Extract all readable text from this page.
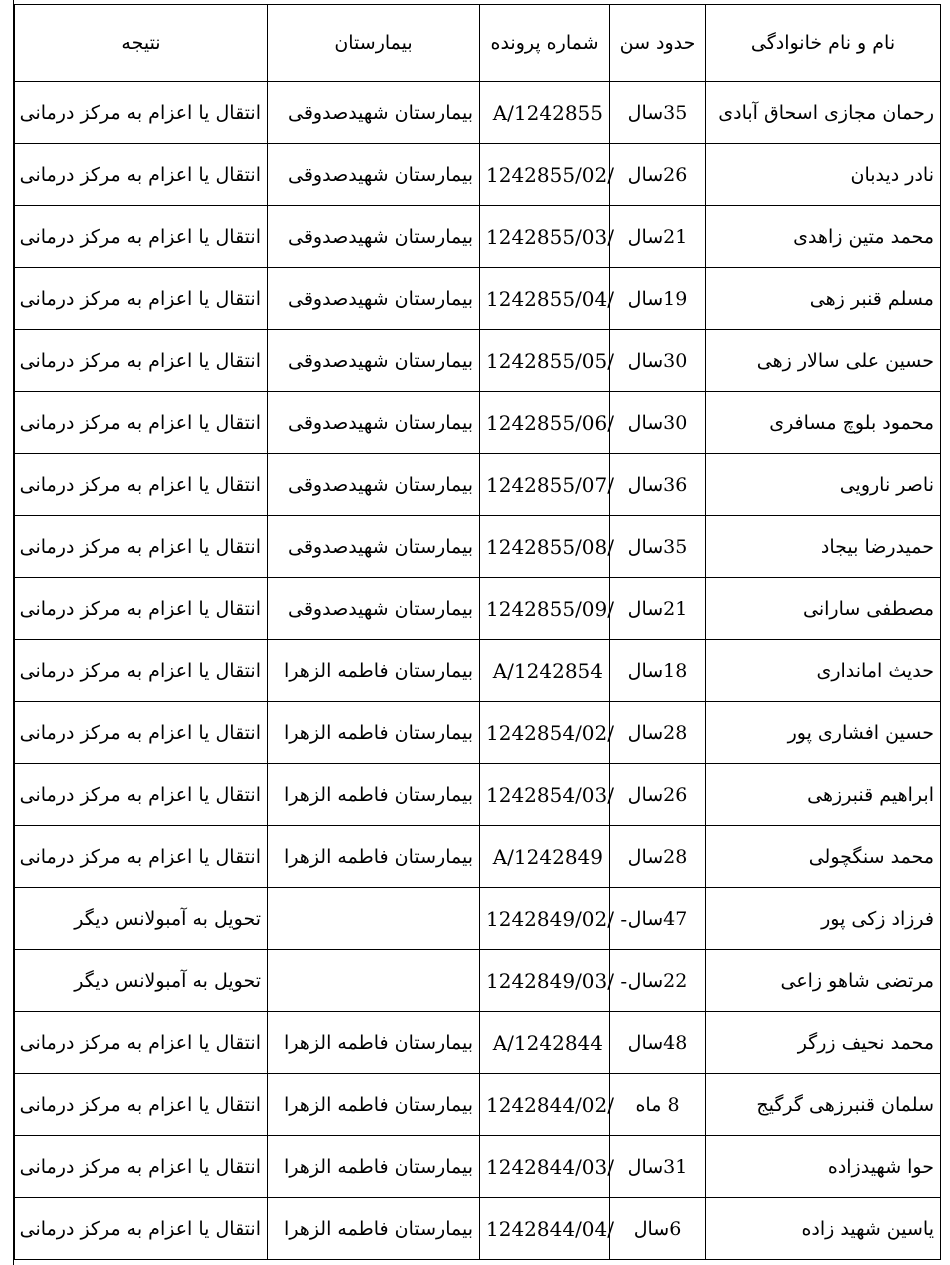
نتیجه	بیمارستان	شماره پرونده	حدود سن	نام و نام خانوادگی
انتقال یا اعزام به مرکز درمانی	بیمارستان شهیدصدوقی	A/1242855	35سال	رحمان مجازی اسحاق آبادی
انتقال یا اعزام به مرکز درمانی	بیمارستان شهیدصدوقی	1242855/02/	26سال	نادر دیدبان
انتقال یا اعزام به مرکز درمانی	بیمارستان شهیدصدوقی	1242855/03/	21سال	محمد متین زاهدی
انتقال یا اعزام به مرکز درمانی	بیمارستان شهیدصدوقی	1242855/04/	19سال	مسلم قنبر زهی
انتقال یا اعزام به مرکز درمانی	بیمارستان شهیدصدوقی	1242855/05/	30سال	حسین علی سالار زهی
انتقال یا اعزام به مرکز درمانی	بیمارستان شهیدصدوقی	1242855/06/	30سال	محمود بلوچ مسافری
انتقال یا اعزام به مرکز درمانی	بیمارستان شهیدصدوقی	1242855/07/	36سال	ناصر نارویی
انتقال یا اعزام به مرکز درمانی	بیمارستان شهیدصدوقی	1242855/08/	35سال	حمیدرضا بیجاد
انتقال یا اعزام به مرکز درمانی	بیمارستان شهیدصدوقی	1242855/09/	21سال	مصطفی سارانی
انتقال یا اعزام به مرکز درمانی	بیمارستان فاطمه الزهرا	A/1242854	18سال	حدیث امانداری
انتقال یا اعزام به مرکز درمانی	بیمارستان فاطمه الزهرا	1242854/02/	28سال	حسین افشاری پور
انتقال یا اعزام به مرکز درمانی	بیمارستان فاطمه الزهرا	1242854/03/	26سال	ابراهیم قنبرزهی
انتقال یا اعزام به مرکز درمانی	بیمارستان فاطمه الزهرا	A/1242849	28سال	محمد سنگچولی
تحویل به آمبولانس دیگر		1242849/02/ -	47سال	فرزاد زکی پور
تحویل به آمبولانس دیگر		1242849/03/ -	22سال	مرتضی شاهو زاعی
انتقال یا اعزام به مرکز درمانی	بیمارستان فاطمه الزهرا	A/1242844	48سال	محمد نحیف زرگر
انتقال یا اعزام به مرکز درمانی	بیمارستان فاطمه الزهرا	1242844/02/	8 ماه	سلمان قنبرزهی گرگیج
انتقال یا اعزام به مرکز درمانی	بیمارستان فاطمه الزهرا	1242844/03/	31سال	حوا شهیدزاده
انتقال یا اعزام به مرکز درمانی	بیمارستان فاطمه الزهرا	1242844/04/	6سال	یاسین شهید زاده
